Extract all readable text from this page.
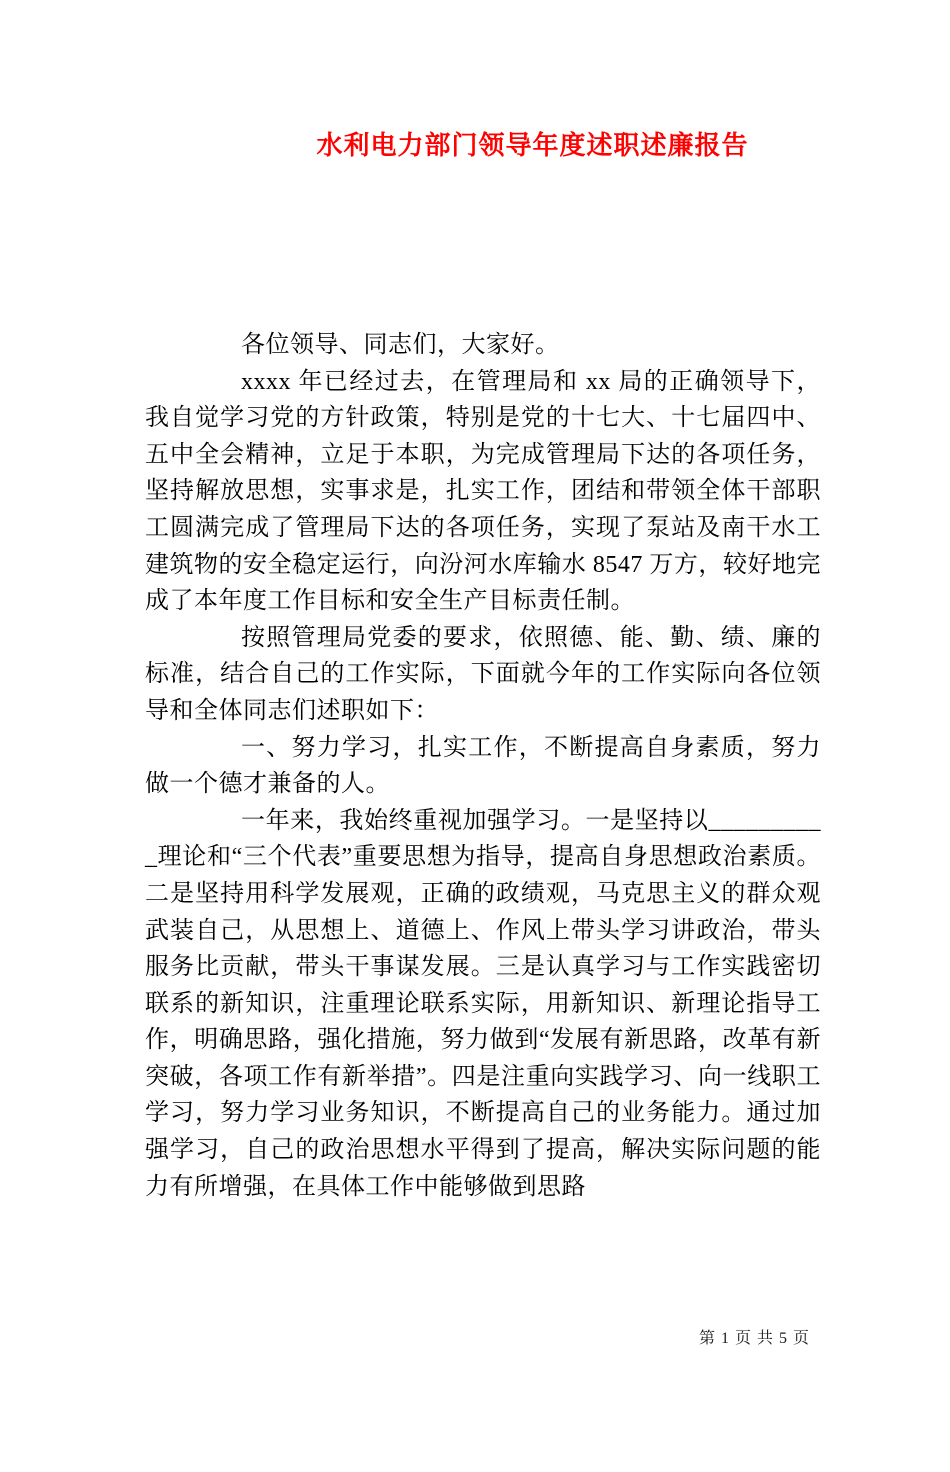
水利电力部门领导年度述职述廉报告

各位领导、同志们，大家好。

xxxx 年已经过去，在管理局和 xx 局的正确领导下，我自觉学习党的方针政策，特别是党的十七大、十七届四中、五中全会精神，立足于本职，为完成管理局下达的各项任务，坚持解放思想，实事求是，扎实工作，团结和带领全体干部职工圆满完成了管理局下达的各项任务，实现了泵站及南干水工建筑物的安全稳定运行，向汾河水库输水 8547 万方，较好地完成了本年度工作目标和安全生产目标责任制。

按照管理局党委的要求，依照德、能、勤、绩、廉的标准，结合自己的工作实际，下面就今年的工作实际向各位领导和全体同志们述职如下：

一、努力学习，扎实工作，不断提高自身素质，努力做一个德才兼备的人。

一年来，我始终重视加强学习。一是坚持以__________理论和“三个代表”重要思想为指导，提高自身思想政治素质。二是坚持用科学发展观，正确的政绩观，马克思主义的群众观武装自己，从思想上、道德上、作风上带头学习讲政治，带头服务比贡献，带头干事谋发展。三是认真学习与工作实践密切联系的新知识，注重理论联系实际，用新知识、新理论指导工作，明确思路，强化措施，努力做到“发展有新思路，改革有新突破，各项工作有新举措”。四是注重向实践学习、向一线职工学习，努力学习业务知识，不断提高自己的业务能力。通过加强学习，自己的政治思想水平得到了提高，解决实际问题的能力有所增强，在具体工作中能够做到思路

第 1 页 共 5 页
